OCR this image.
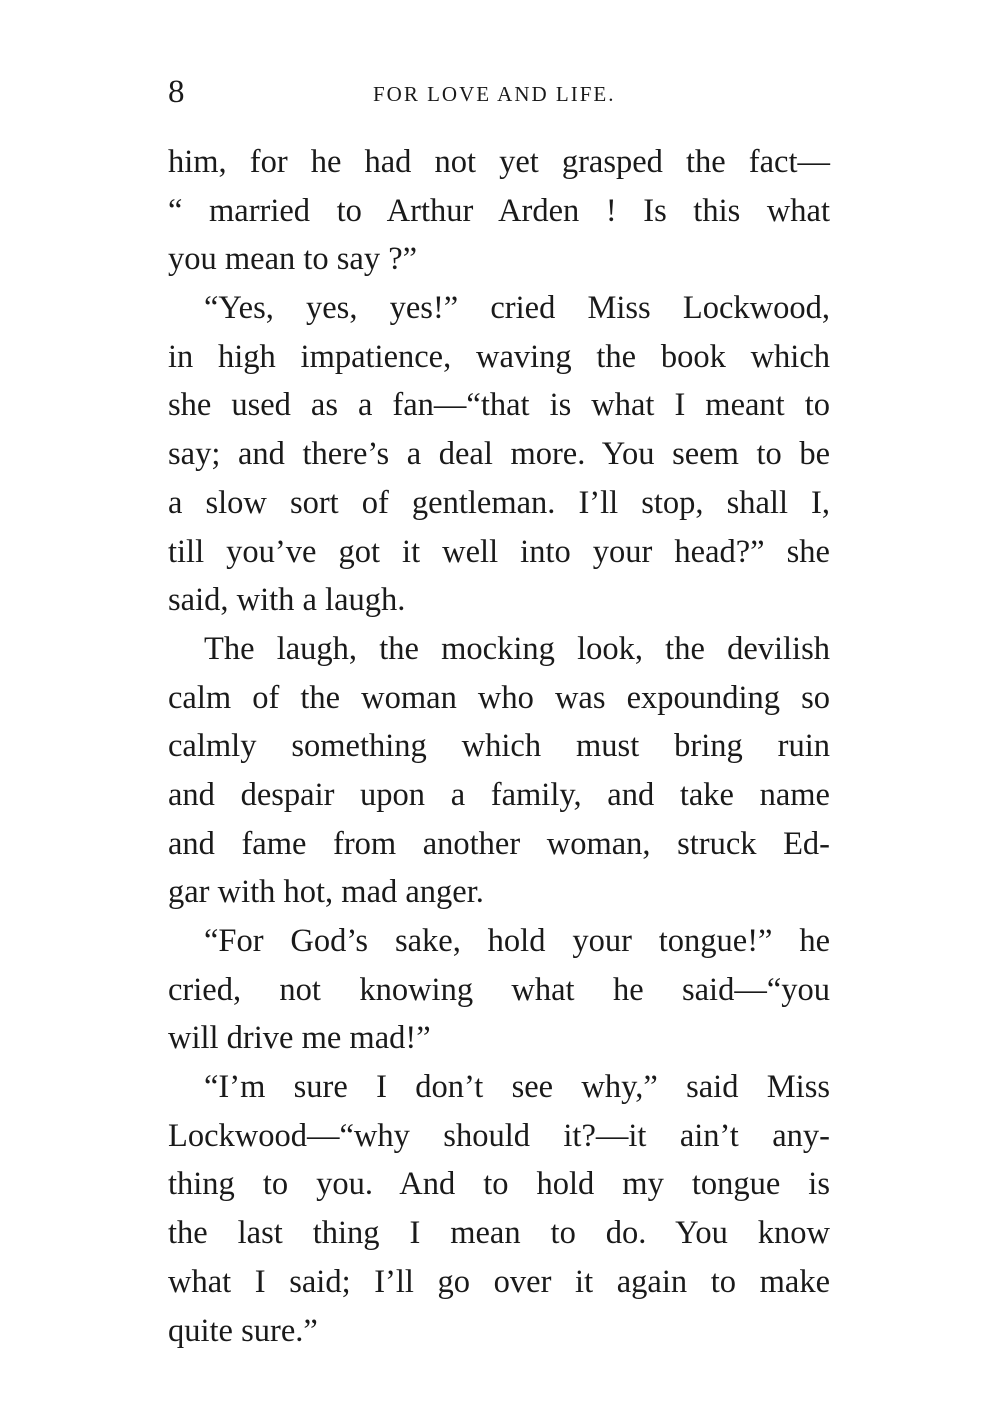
8	FOR LOVE AND LIFE.
him, for he had not yet grasped the fact—
“ married to Arthur Arden ! Is this what
you mean to say ?”
“Yes, yes, yes!” cried Miss Lockwood,
in high impatience, waving the book which
she used as a fan—“that is what I meant to
say; and there’s a deal more. You seem to be
a slow sort of gentleman. I’ll stop, shall I,
till you’ve got it well into your head?” she
said, with a laugh.
The laugh, the mocking look, the devilish
calm of the woman who was expounding so
calmly something which must bring ruin
and despair upon a family, and take name
and fame from another woman, struck Ed-
gar with hot, mad anger.
“For God’s sake, hold your tongue!” he
cried, not knowing what he said—“you
will drive me mad!”
“I’m sure I don’t see why,” said Miss
Lockwood—“why should it?—it ain’t any-
thing to you. And to hold my tongue is
the last thing I mean to do. You know
what I said; I’ll go over it again to make
quite sure.”
